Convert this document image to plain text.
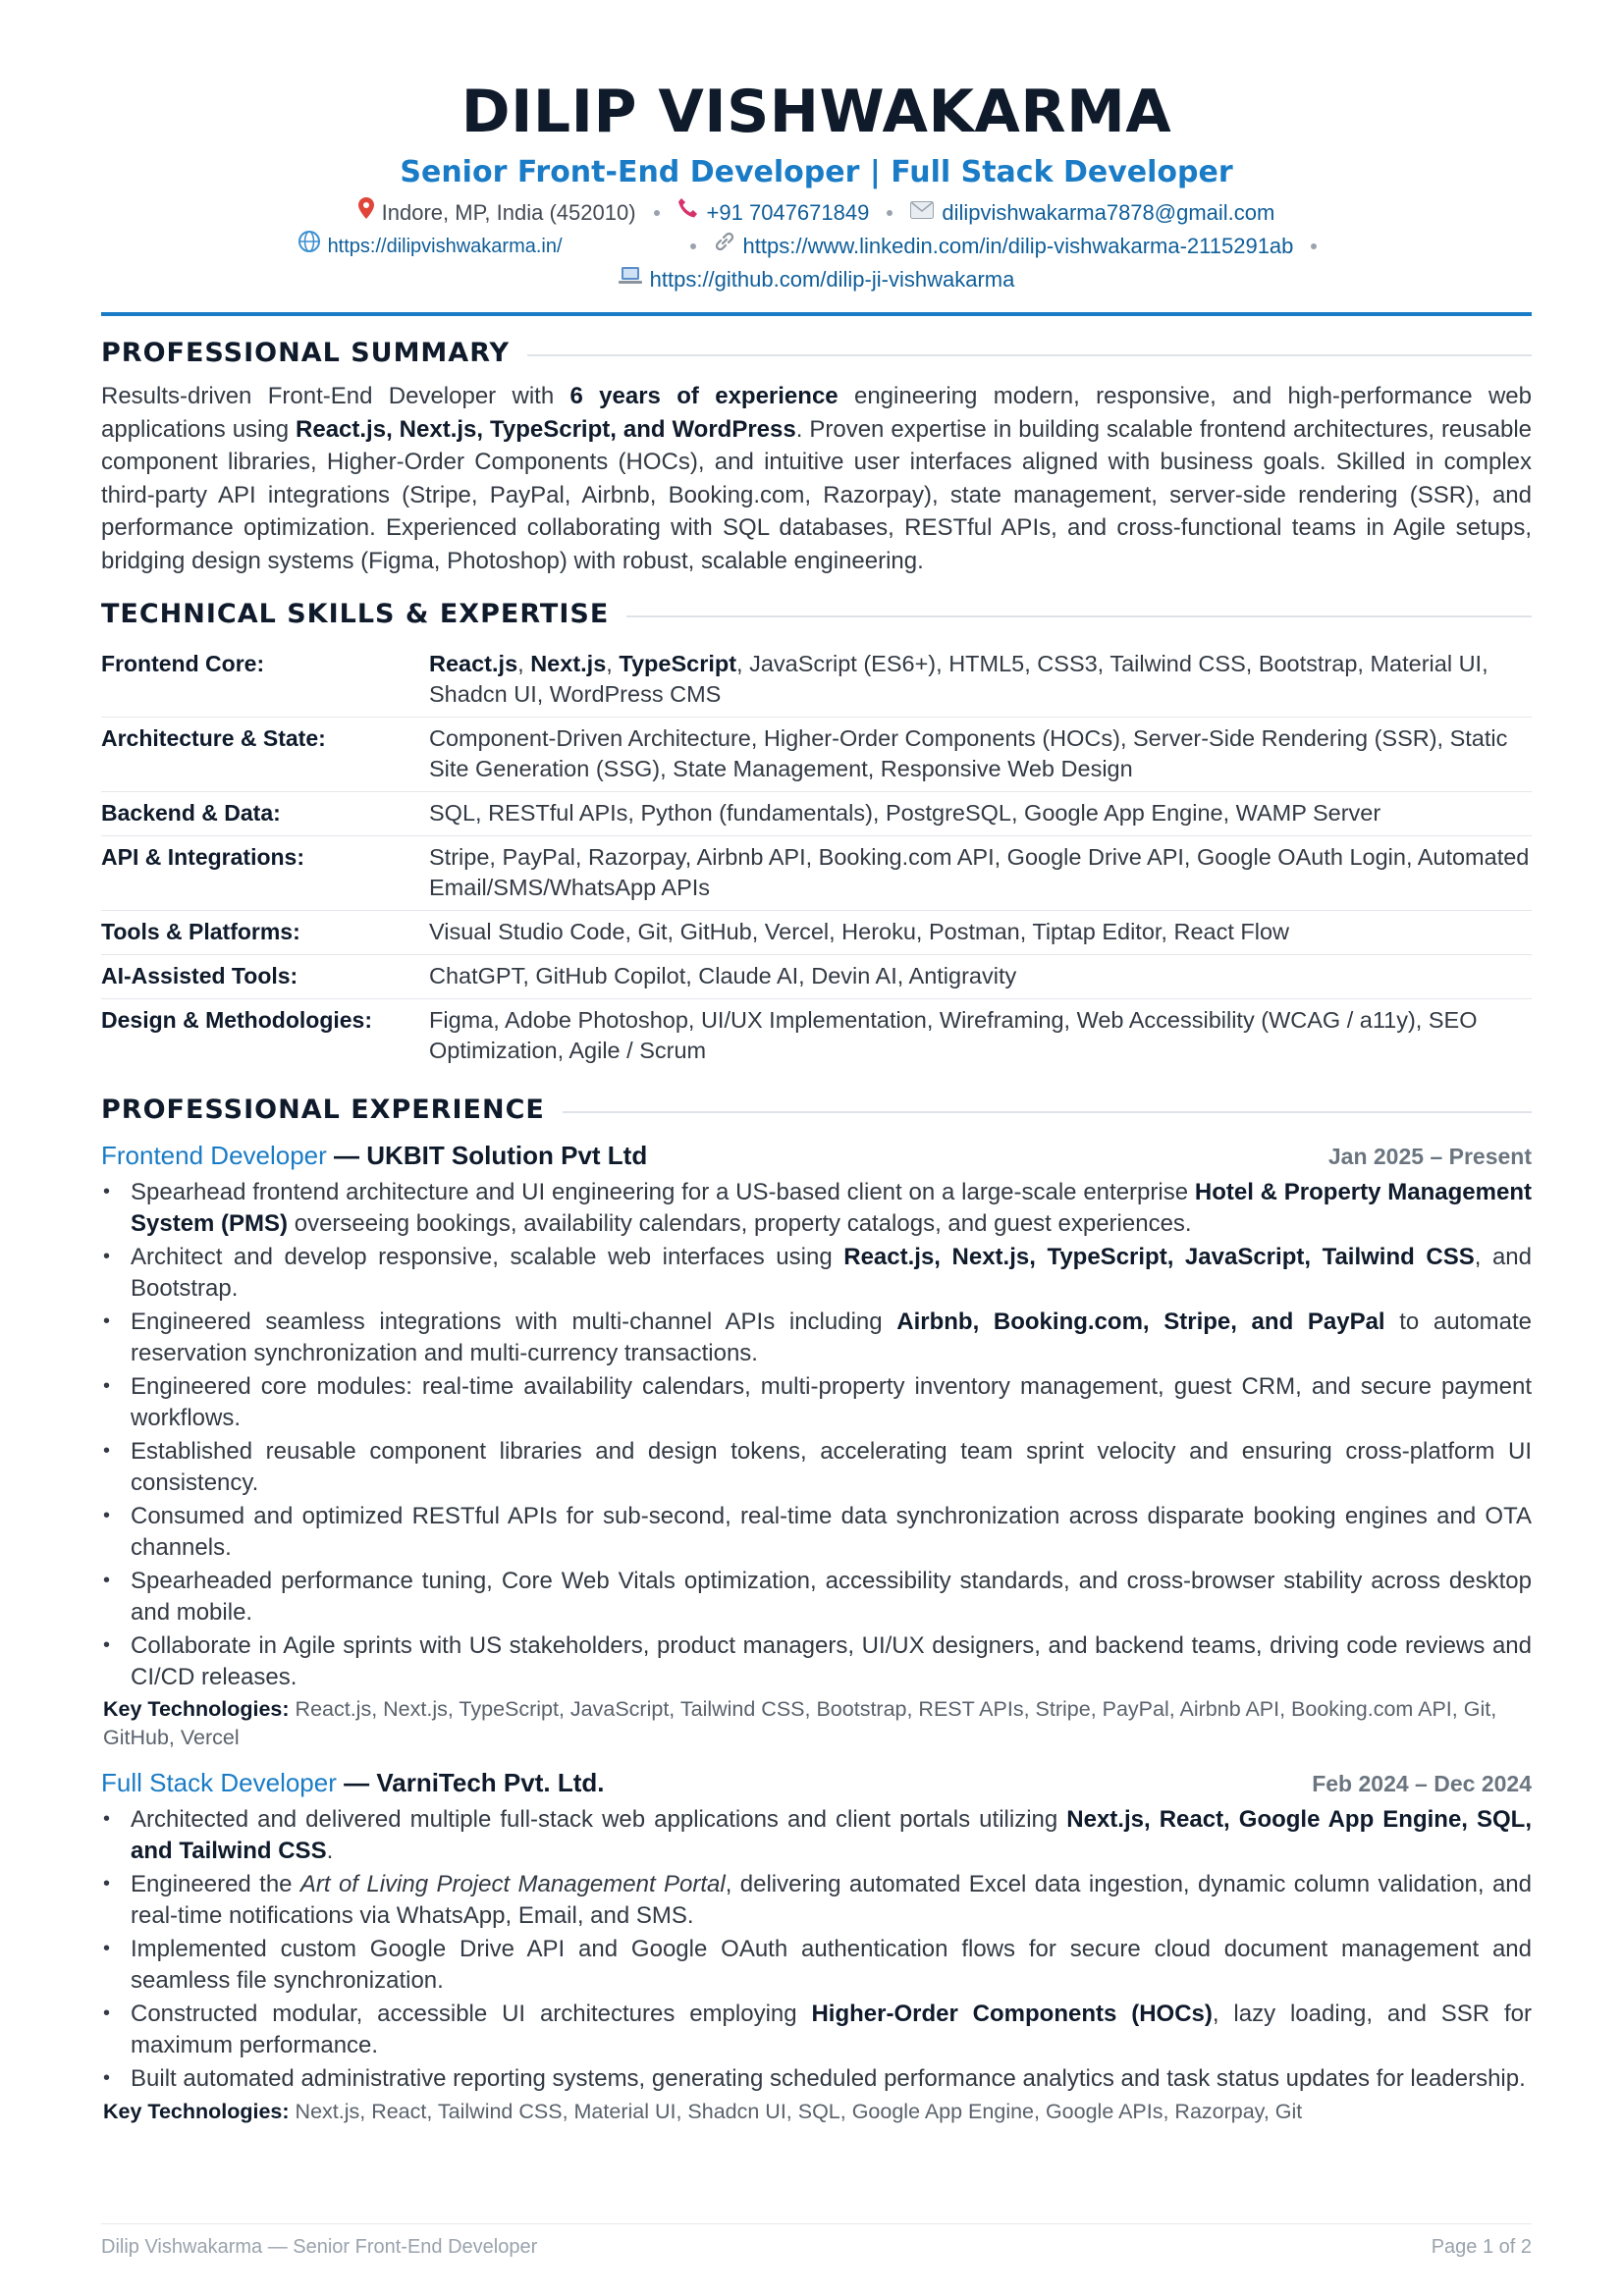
DILIP VISHWAKARMA
Senior Front-End Developer | Full Stack Developer
Indore, MP, India (452010)	+91 7047671849	dilipvishwakarma7878@gmail.com
https://dilipvishwakarma.in/	https://www.linkedin.com/in/dilip-vishwakarma-2115291ab
https://github.com/dilip-ji-vishwakarma
PROFESSIONAL SUMMARY

Results-driven Front-End Developer with 6 years of experience engineering modern, responsive, and high-performance web applications using React.js, Next.js, TypeScript, and WordPress. Proven expertise in building scalable frontend architectures, reusable component libraries, Higher-Order Components (HOCs), and intuitive user interfaces aligned with business goals. Skilled in complex third-party API integrations (Stripe, PayPal, Airbnb, Booking.com, Razorpay), state management, server-side rendering (SSR), and performance optimization. Experienced collaborating with SQL databases, RESTful APIs, and cross-functional teams in Agile setups, bridging design systems (Figma, Photoshop) with robust, scalable engineering.

TECHNICAL SKILLS & EXPERTISE
Frontend Core:	React.js, Next.js, TypeScript, JavaScript (ES6+), HTML5, CSS3, Tailwind CSS, Bootstrap, Material UI, Shadcn UI, WordPress CMS
Architecture & State:	Component-Driven Architecture, Higher-Order Components (HOCs), Server-Side Rendering (SSR), Static Site Generation (SSG), State Management, Responsive Web Design
Backend & Data:	SQL, RESTful APIs, Python (fundamentals), PostgreSQL, Google App Engine, WAMP Server
API & Integrations:	Stripe, PayPal, Razorpay, Airbnb API, Booking.com API, Google Drive API, Google OAuth Login, Automated Email/SMS/WhatsApp APIs
Tools & Platforms:	Visual Studio Code, Git, GitHub, Vercel, Heroku, Postman, Tiptap Editor, React Flow
AI-Assisted Tools:	ChatGPT, GitHub Copilot, Claude AI, Devin AI, Antigravity
Design & Methodologies:	Figma, Adobe Photoshop, UI/UX Implementation, Wireframing, Web Accessibility (WCAG / a11y), SEO Optimization, Agile / Scrum
PROFESSIONAL EXPERIENCE
Frontend Developer — UKBIT Solution Pvt Ltd	Jan 2025 – Present
• Spearhead frontend architecture and UI engineering for a US-based client on a large-scale enterprise Hotel & Property Management System (PMS) overseeing bookings, availability calendars, property catalogs, and guest experiences.
• Architect and develop responsive, scalable web interfaces using React.js, Next.js, TypeScript, JavaScript, Tailwind CSS, and Bootstrap.
• Engineered seamless integrations with multi-channel APIs including Airbnb, Booking.com, Stripe, and PayPal to automate reservation synchronization and multi-currency transactions.
• Engineered core modules: real-time availability calendars, multi-property inventory management, guest CRM, and secure payment workflows.
• Established reusable component libraries and design tokens, accelerating team sprint velocity and ensuring cross-platform UI consistency.
• Consumed and optimized RESTful APIs for sub-second, real-time data synchronization across disparate booking engines and OTA channels.
• Spearheaded performance tuning, Core Web Vitals optimization, accessibility standards, and cross-browser stability across desktop and mobile.
• Collaborate in Agile sprints with US stakeholders, product managers, UI/UX designers, and backend teams, driving code reviews and CI/CD releases.
Key Technologies: React.js, Next.js, TypeScript, JavaScript, Tailwind CSS, Bootstrap, REST APIs, Stripe, PayPal, Airbnb API, Booking.com API, Git, GitHub, Vercel
Full Stack Developer — VarniTech Pvt. Ltd.	Feb 2024 – Dec 2024
• Architected and delivered multiple full-stack web applications and client portals utilizing Next.js, React, Google App Engine, SQL, and Tailwind CSS.
• Engineered the Art of Living Project Management Portal, delivering automated Excel data ingestion, dynamic column validation, and real-time notifications via WhatsApp, Email, and SMS.
• Implemented custom Google Drive API and Google OAuth authentication flows for secure cloud document management and seamless file synchronization.
• Constructed modular, accessible UI architectures employing Higher-Order Components (HOCs), lazy loading, and SSR for maximum performance.
• Built automated administrative reporting systems, generating scheduled performance analytics and task status updates for leadership.
Key Technologies: Next.js, React, Tailwind CSS, Material UI, Shadcn UI, SQL, Google App Engine, Google APIs, Razorpay, Git
Dilip Vishwakarma — Senior Front-End Developer	Page 1 of 2
